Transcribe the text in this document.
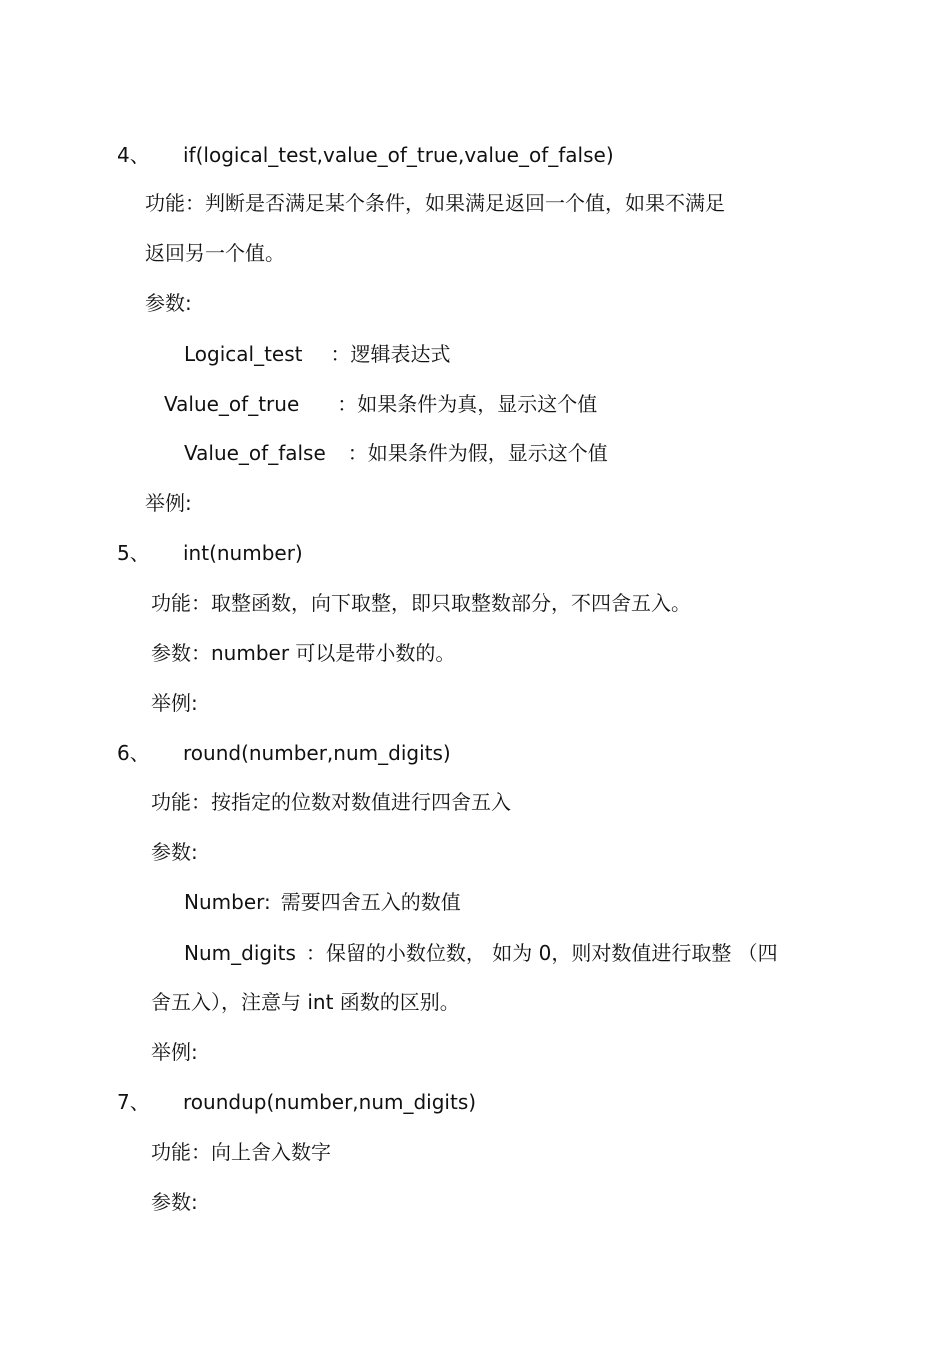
4、 if(logical_test,value_of_true,value_of_false)
功能：判断是否满足某个条件，如果满足返回一个值，如果不满足
返回另一个值。
参数:
Logical_test ：逻辑表达式
Value_of_true ：如果条件为真，显示这个值
Value_of_false ：如果条件为假，显示这个值
举例:
5、 int(number)
功能：取整函数，向下取整，即只取整数部分，不四舍五入。
参数：number 可以是带小数的。
举例:
6、 round(number,num_digits)
功能：按指定的位数对数值进行四舍五入
参数:
Number: 需要四舍五入的数值
Num_digits ：保留的小数位数， 如为 0，则对数值进行取整 （四
舍五入），注意与 int 函数的区别。
举例:
7、 roundup(number,num_digits)
功能：向上舍入数字
参数:
